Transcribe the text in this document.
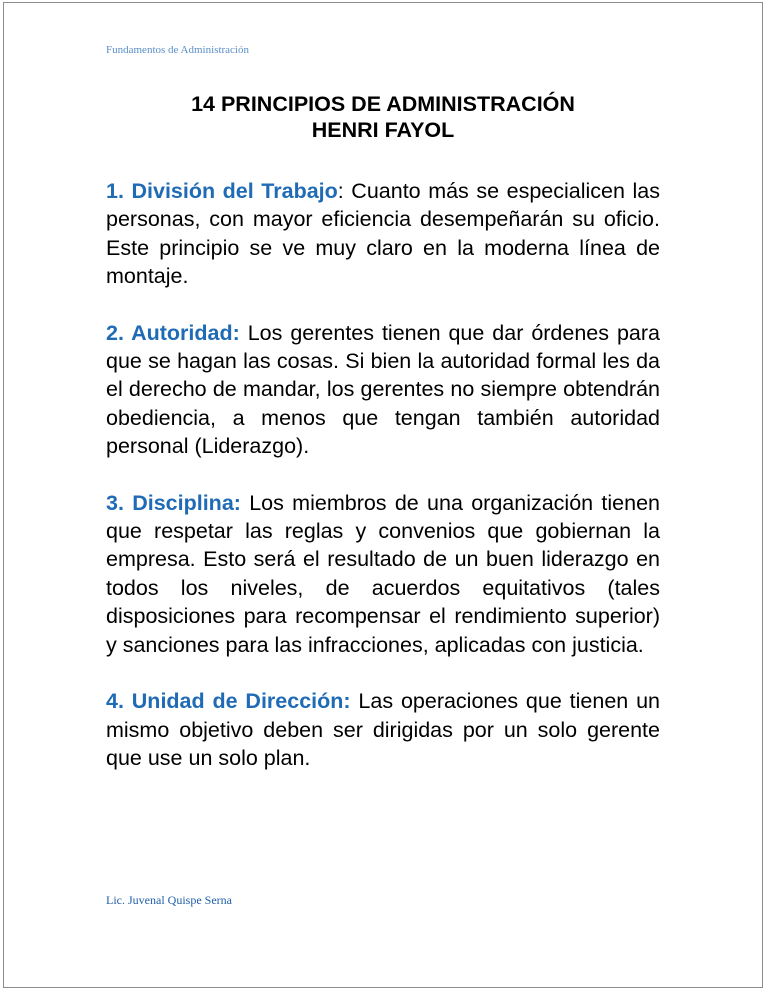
Fundamentos de Administración
14 PRINCIPIOS DE ADMINISTRACIÓN
HENRI FAYOL

1. División del Trabajo: Cuanto más se especialicen las personas, con mayor eficiencia desempeñarán su oficio. Este principio se ve muy claro en la moderna línea de montaje.

2. Autoridad: Los gerentes tienen que dar órdenes para que se hagan las cosas. Si bien la autoridad formal les da el derecho de mandar, los gerentes no siempre obtendrán obediencia, a menos que tengan también autoridad personal (Liderazgo).

3. Disciplina: Los miembros de una organización tienen que respetar las reglas y convenios que gobiernan la empresa. Esto será el resultado de un buen liderazgo en todos los niveles, de acuerdos equitativos (tales disposiciones para recompensar el rendimiento superior) y sanciones para las infracciones, aplicadas con justicia.

4. Unidad de Dirección: Las operaciones que tienen un mismo objetivo deben ser dirigidas por un solo gerente que use un solo plan.

Lic. Juvenal Quispe Serna
